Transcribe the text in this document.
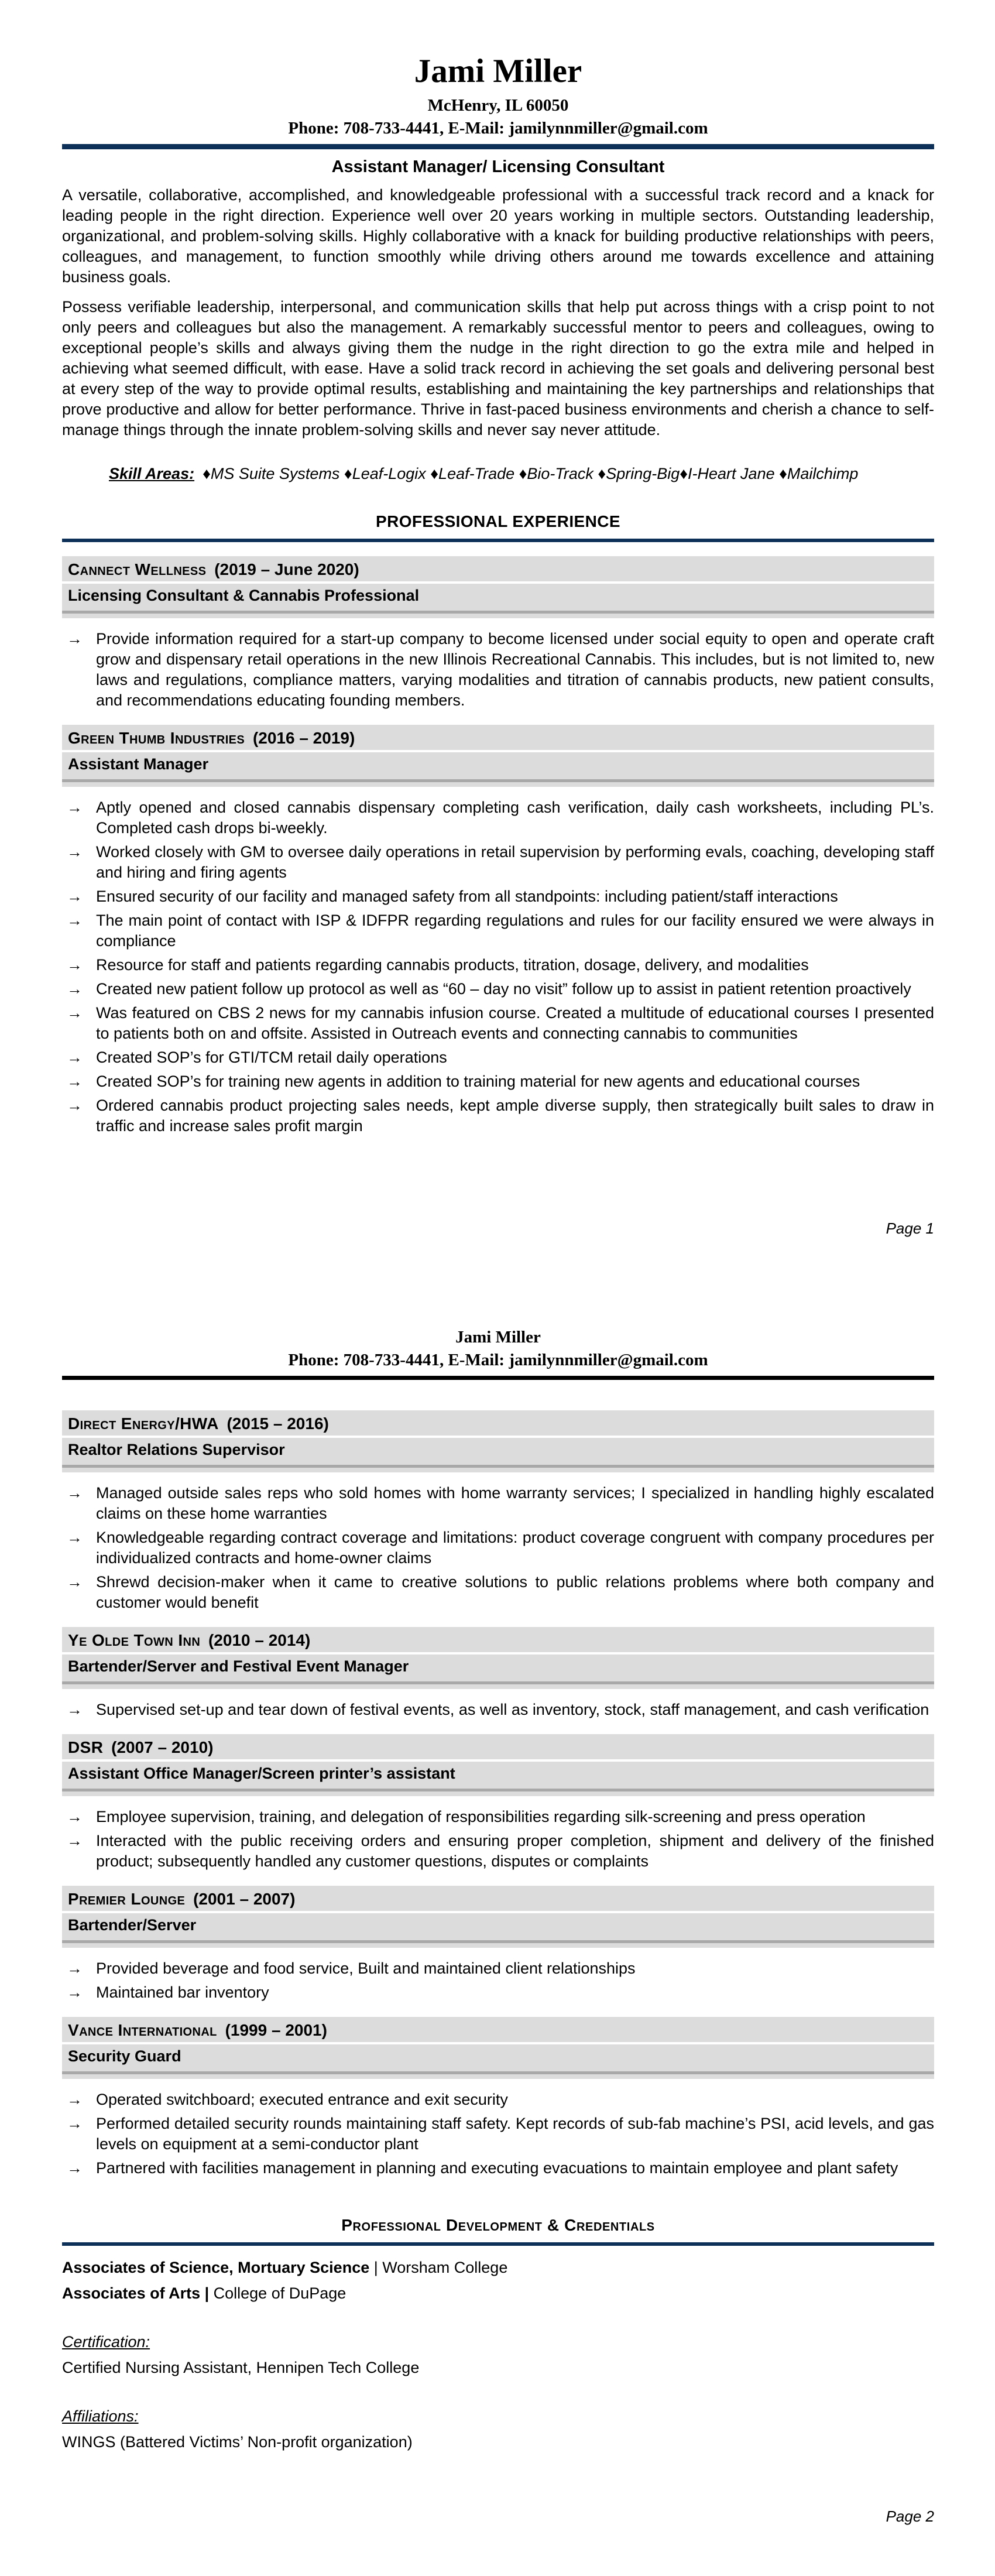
Jami Miller
McHenry, IL 60050
Phone: 708-733-4441, E-Mail: jamilynnmiller@gmail.com
Assistant Manager/ Licensing Consultant

A versatile, collaborative, accomplished, and knowledgeable professional with a successful track record and a knack for leading people in the right direction. Experience well over 20 years working in multiple sectors. Outstanding leadership, organizational, and problem-solving skills. Highly collaborative with a knack for building productive relationships with peers, colleagues, and management, to function smoothly while driving others around me towards excellence and attaining business goals.

Possess verifiable leadership, interpersonal, and communication skills that help put across things with a crisp point to not only peers and colleagues but also the management. A remarkably successful mentor to peers and colleagues, owing to exceptional people’s skills and always giving them the nudge in the right direction to go the extra mile and helped in achieving what seemed difficult, with ease. Have a solid track record in achieving the set goals and delivering personal best at every step of the way to provide optimal results, establishing and maintaining the key partnerships and relationships that prove productive and allow for better performance. Thrive in fast-paced business environments and cherish a chance to self-manage things through the innate problem-solving skills and never say never attitude.

Skill Areas: ♦MS Suite Systems ♦Leaf-Logix ♦Leaf-Trade ♦Bio-Track ♦Spring-Big♦I-Heart Jane ♦Mailchimp
PROFESSIONAL EXPERIENCE
Cannect Wellness (2019 – June 2020)
Licensing Consultant & Cannabis Professional
→
Provide information required for a start-up company to become licensed under social equity to open and operate craft grow and dispensary retail operations in the new Illinois Recreational Cannabis. This includes, but is not limited to, new laws and regulations, compliance matters, varying modalities and titration of cannabis products, new patient consults, and recommendations educating founding members.
Green Thumb Industries (2016 – 2019)
Assistant Manager
→
Aptly opened and closed cannabis dispensary completing cash verification, daily cash worksheets, including PL’s. Completed cash drops bi-weekly.
→
Worked closely with GM to oversee daily operations in retail supervision by performing evals, coaching, developing staff and hiring and firing agents
→
Ensured security of our facility and managed safety from all standpoints: including patient/staff interactions
→
The main point of contact with ISP & IDFPR regarding regulations and rules for our facility ensured we were always in compliance
→
Resource for staff and patients regarding cannabis products, titration, dosage, delivery, and modalities
→
Created new patient follow up protocol as well as “60 – day no visit” follow up to assist in patient retention proactively
→
Was featured on CBS 2 news for my cannabis infusion course. Created a multitude of educational courses I presented to patients both on and offsite. Assisted in Outreach events and connecting cannabis to communities
→
Created SOP’s for GTI/TCM retail daily operations
→
Created SOP’s for training new agents in addition to training material for new agents and educational courses
→
Ordered cannabis product projecting sales needs, kept ample diverse supply, then strategically built sales to draw in traffic and increase sales profit margin
Page 1
Jami Miller
Phone: 708-733-4441, E-Mail: jamilynnmiller@gmail.com
Direct Energy/HWA (2015 – 2016)
Realtor Relations Supervisor
→
Managed outside sales reps who sold homes with home warranty services; I specialized in handling highly escalated claims on these home warranties
→
Knowledgeable regarding contract coverage and limitations: product coverage congruent with company procedures per individualized contracts and home-owner claims
→
Shrewd decision-maker when it came to creative solutions to public relations problems where both company and customer would benefit
Ye Olde Town Inn (2010 – 2014)
Bartender/Server and Festival Event Manager
→
Supervised set-up and tear down of festival events, as well as inventory, stock, staff management, and cash verification
DSR (2007 – 2010)
Assistant Office Manager/Screen printer’s assistant
→
Employee supervision, training, and delegation of responsibilities regarding silk-screening and press operation
→
Interacted with the public receiving orders and ensuring proper completion, shipment and delivery of the finished product; subsequently handled any customer questions, disputes or complaints
Premier Lounge (2001 – 2007)
Bartender/Server
→
Provided beverage and food service, Built and maintained client relationships
→
Maintained bar inventory
Vance International (1999 – 2001)
Security Guard
→
Operated switchboard; executed entrance and exit security
→
Performed detailed security rounds maintaining staff safety. Kept records of sub-fab machine’s PSI, acid levels, and gas levels on equipment at a semi-conductor plant
→
Partnered with facilities management in planning and executing evacuations to maintain employee and plant safety
Professional Development & Credentials

Associates of Science, Mortuary Science | Worsham College

Associates of Arts | College of DuPage

Certification:

Certified Nursing Assistant, Hennipen Tech College

Affiliations:

WINGS (Battered Victims’ Non-profit organization)

Page 2
